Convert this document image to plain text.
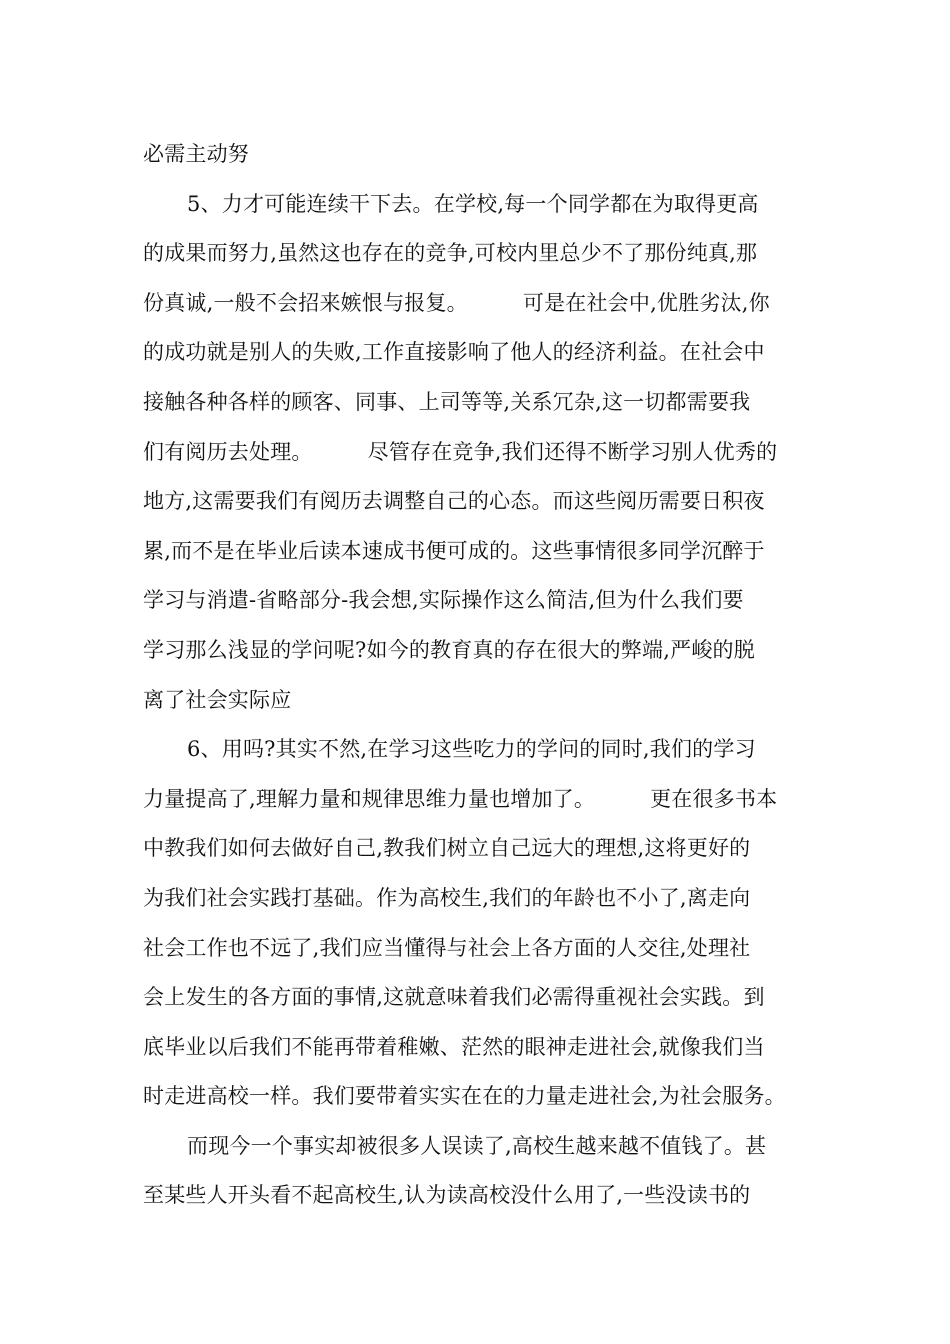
必需主动努
5、力才可能连续干下去。在学校,每一个同学都在为取得更高
的成果而努力,虽然这也存在的竞争,可校内里总少不了那份纯真,那
份真诚,一般不会招来嫉恨与报复。        可是在社会中,优胜劣汰,你
的成功就是别人的失败,工作直接影响了他人的经济利益。在社会中
接触各种各样的顾客、同事、上司等等,关系冗杂,这一切都需要我
们有阅历去处理。        尽管存在竞争,我们还得不断学习别人优秀的
地方,这需要我们有阅历去调整自己的心态。而这些阅历需要日积夜
累,而不是在毕业后读本速成书便可成的。这些事情很多同学沉醉于
学习与消遣-省略部分-我会想,实际操作这么简洁,但为什么我们要
学习那么浅显的学问呢?如今的教育真的存在很大的弊端,严峻的脱
离了社会实际应
6、用吗?其实不然,在学习这些吃力的学问的同时,我们的学习
力量提高了,理解力量和规律思维力量也增加了。        更在很多书本
中教我们如何去做好自己,教我们树立自己远大的理想,这将更好的
为我们社会实践打基础。作为高校生,我们的年龄也不小了,离走向
社会工作也不远了,我们应当懂得与社会上各方面的人交往,处理社
会上发生的各方面的事情,这就意味着我们必需得重视社会实践。到
底毕业以后我们不能再带着稚嫩、茫然的眼神走进社会,就像我们当
时走进高校一样。我们要带着实实在在的力量走进社会,为社会服务。
而现今一个事实却被很多人误读了,高校生越来越不值钱了。甚
至某些人开头看不起高校生,认为读高校没什么用了,一些没读书的
